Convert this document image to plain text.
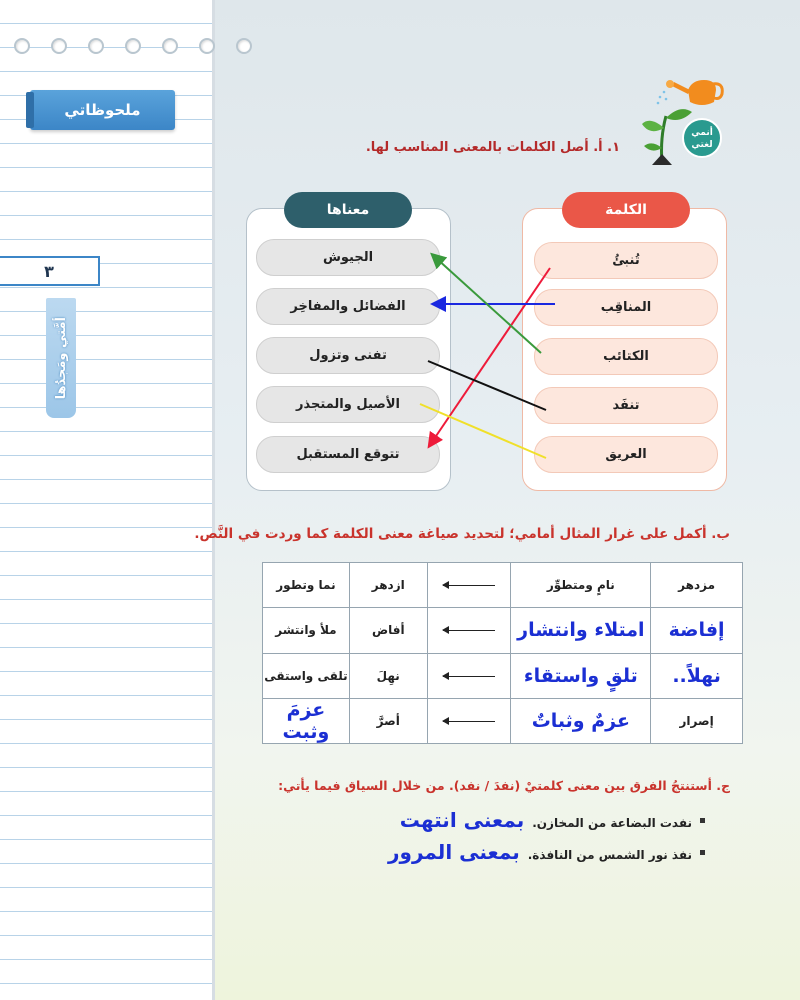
ملحوظاتي
٣
أمَّتي ومَجدُها
أنمي
لغتي
١. أ. أصل الكلمات بالمعنى المناسب لها.
الكلمة
معناها
تُنبئُ
المناقِب
الكتائب
تنفَد
العريق
الجيوش
الفضائل والمفاخِر
تفنى وتزول
الأصيل والمتجذر
تتوقع المستقبل
ب. أكمل على غرار المثال أمامي؛ لتحديد صياغة معنى الكلمة كما وردت في النَّص.
مزدهر	نامٍ ومتطوِّر		ازدهر	نما وتطور
إفاضة	امتلاء وانتشار		أفاض	ملأ وانتشر
نهلاً..	تلقٍ واستقاء		نهِلَ	تلقى واستقى
إصرار	عزمٌ وثباتٌ		أصرَّ	عزمَ وثبت
ج. أستنتجُ الفرق بين معنى كلمتيْ (نفدَ / نفد). من خلال السياق فيما يأتي:
نفدت البضاعة من المخازن.
بمعنى انتهت
نفذ نور الشمس من النافذة.
بمعنى المرور
